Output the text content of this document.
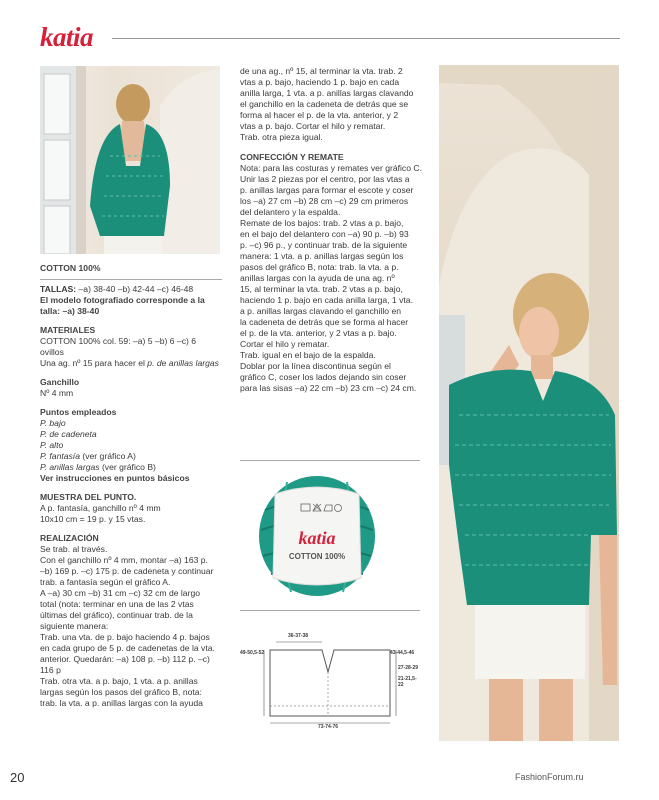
katia

COTTON 100%

TALLAS: –a) 38-40 –b) 42-44 –c) 46-48

El modelo fotografiado corresponde a la talla: –a) 38-40

MATERIALES

COTTON 100% col. 59: –a) 5 –b) 6 –c) 6 ovillos

Una ag. nº 15 para hacer el p. de anillas largas

Ganchillo

Nº 4 mm

Puntos empleados

P. bajo

P. de cadeneta

P. alto

P. fantasía (ver gráfico A)

P. anillas largas (ver gráfico B)

Ver instrucciones en puntos básicos

MUESTRA DEL PUNTO.

A p. fantasía, ganchillo nº 4 mm

10x10 cm = 19 p. y 15 vtas.

REALIZACIÓN

Se trab. al través.

Con el ganchillo nº 4 mm, montar –a) 163 p.

–b) 169 p. –c) 175 p. de cadeneta y continuar

trab. a fantasía según el gráfico A.

A –a) 30 cm –b) 31 cm –c) 32 cm de largo

total (nota: terminar en una de las 2 vtas

últimas del gráfico), continuar trab. de la

siguiente manera:

Trab. una vta. de p. bajo haciendo 4 p. bajos

en cada grupo de 5 p. de cadenetas de la vta.

anterior. Quedarán: –a) 108 p. –b) 112 p. –c)

116 p

Trab. otra vta. a p. bajo, 1 vta. a p. anillas

largas según los pasos del gráfico B, nota:

trab. la vta. a p. anillas largas con la ayuda

de una ag., nº 15, al terminar la vta. trab. 2

vtas a p. bajo, haciendo 1 p. bajo en cada

anilla larga, 1 vta. a p. anillas largas clavando

el ganchillo en la cadeneta de detrás que se

forma al hacer el p. de la vta. anterior, y 2

vtas a p. bajo. Cortar el hilo y rematar.

Trab. otra pieza igual.

CONFECCIÓN Y REMATE

Nota: para las costuras y remates ver gráfico C.

Unir las 2 piezas por el centro, por las vtas a

p. anillas largas para formar el escote y coser

los –a) 27 cm –b) 28 cm –c) 29 cm primeros

del delantero y la espalda.

Remate de los bajos: trab. 2 vtas a p. bajo,

en el bajo del delantero con –a) 90 p. –b) 93

p. –c) 96 p., y continuar trab. de la siguiente

manera: 1 vta. a p. anillas largas según los

pasos del gráfico B, nota: trab. la vta. a p.

anillas largas con la ayuda de una ag. nº

15, al terminar la vta. trab. 2 vtas a p. bajo,

haciendo 1 p. bajo en cada anilla larga, 1 vta.

a p. anillas largas clavando el ganchillo en

la cadeneta de detrás que se forma al hacer

el p. de la vta. anterior, y 2 vtas a p. bajo.

Cortar el hilo y rematar.

Trab. igual en el bajo de la espalda.

Doblar por la línea discontinua según el

gráfico C, coser los lados dejando sin coser

para las sisas –a) 22 cm –b) 23 cm –c) 24 cm.

katia
COTTON 100%
36-37-38
49-50,5-52	43-44,5-46
27-28-29
21-21,5-22
73-74-76
20	FashionForum.ru
